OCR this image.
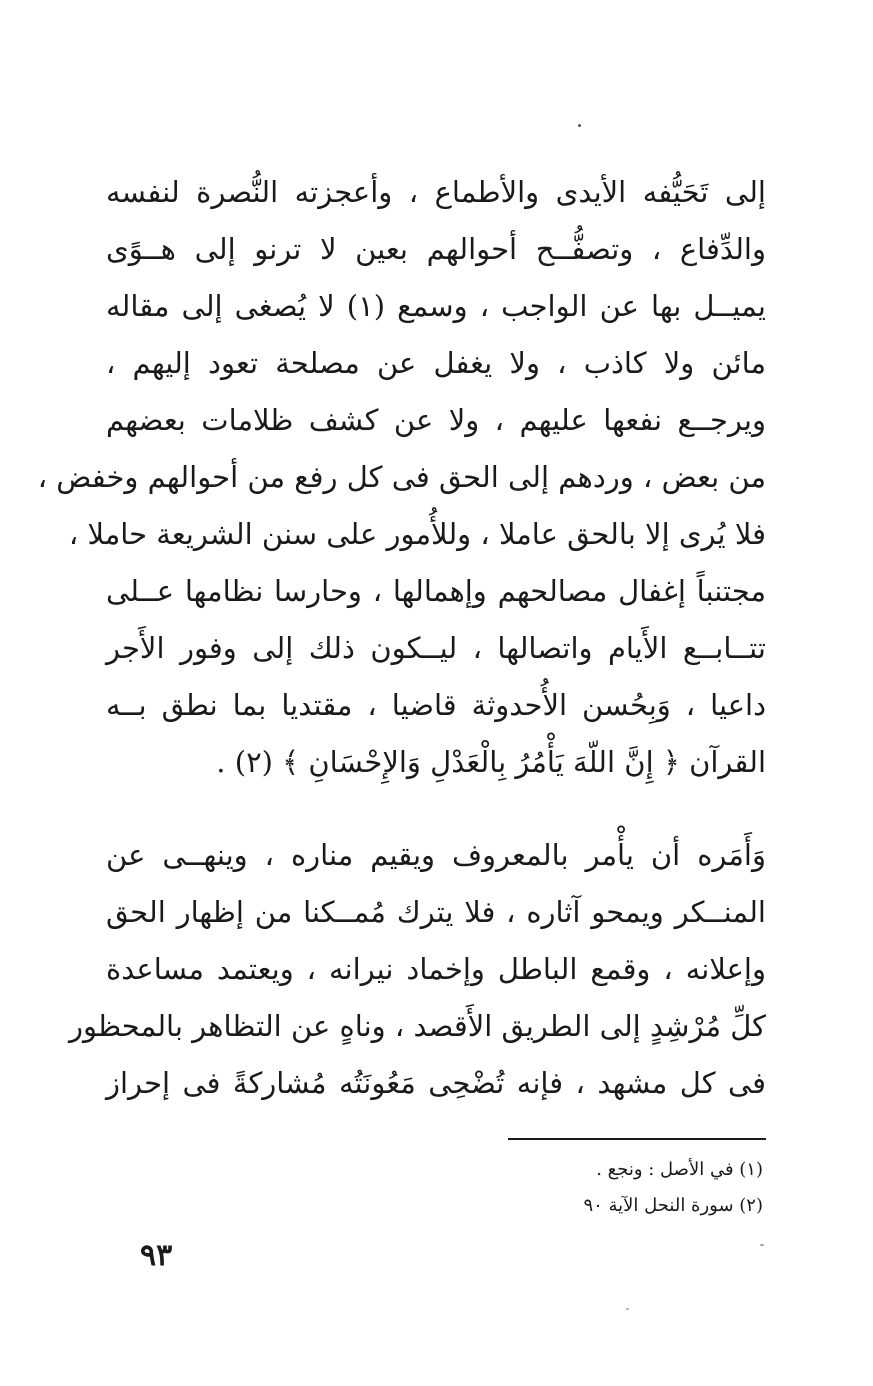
إلى تَحَيُّفه الأيدى والأطماع ، وأعجزته النُّصرة لنفسه
والدِّفاع ، وتصفُّــح أحوالهم بعين لا ترنو إلى هــوًى
يميــل بها عن الواجب ، وسمع (١) لا يُصغى إلى مقاله
مائن ولا كاذب ، ولا يغفل عن مصلحة تعود إليهم ،
ويرجــع نفعها عليهم ، ولا عن كشف ظلامات بعضهم
من بعض ، وردهم إلى الحق فى كل رفع من أحوالهم وخفض ،
فلا يُرى إلا بالحق عاملا ، وللأُمور على سنن الشريعة حاملا ،
مجتنباً إغفال مصالحهم وإهمالها ، وحارسا نظامها عــلى
تتــابــع الأَيام واتصالها ، ليــكون ذلك إلى وفور الأَجر
داعيا ، وَبِحُسن الأُحدوثة قاضيا ، مقتديا بما نطق بــه
القرآن ﴿ إِنَّ اللّهَ يَأْمُرُ بِالْعَدْلِ وَالإِحْسَانِ ﴾ (٢) .
وَأَمَره أن يأْمر بالمعروف ويقيم مناره ، وينهــى عن
المنــكر ويمحو آثاره ، فلا يترك مُمــكنا من إظهار الحق
وإعلانه ، وقمع الباطل وإخماد نيرانه ، ويعتمد مساعدة
كلِّ مُرْشِدٍ إلى الطريق الأَقصد ، وناهٍ عن التظاهر بالمحظور
فى كل مشهد ، فإنه تُضْحِى مَعُونَتُه مُشاركةً فى إحراز
(١) في الأصل : ونجع .
(٢) سورة النحل الآية ٩٠
٩٣
